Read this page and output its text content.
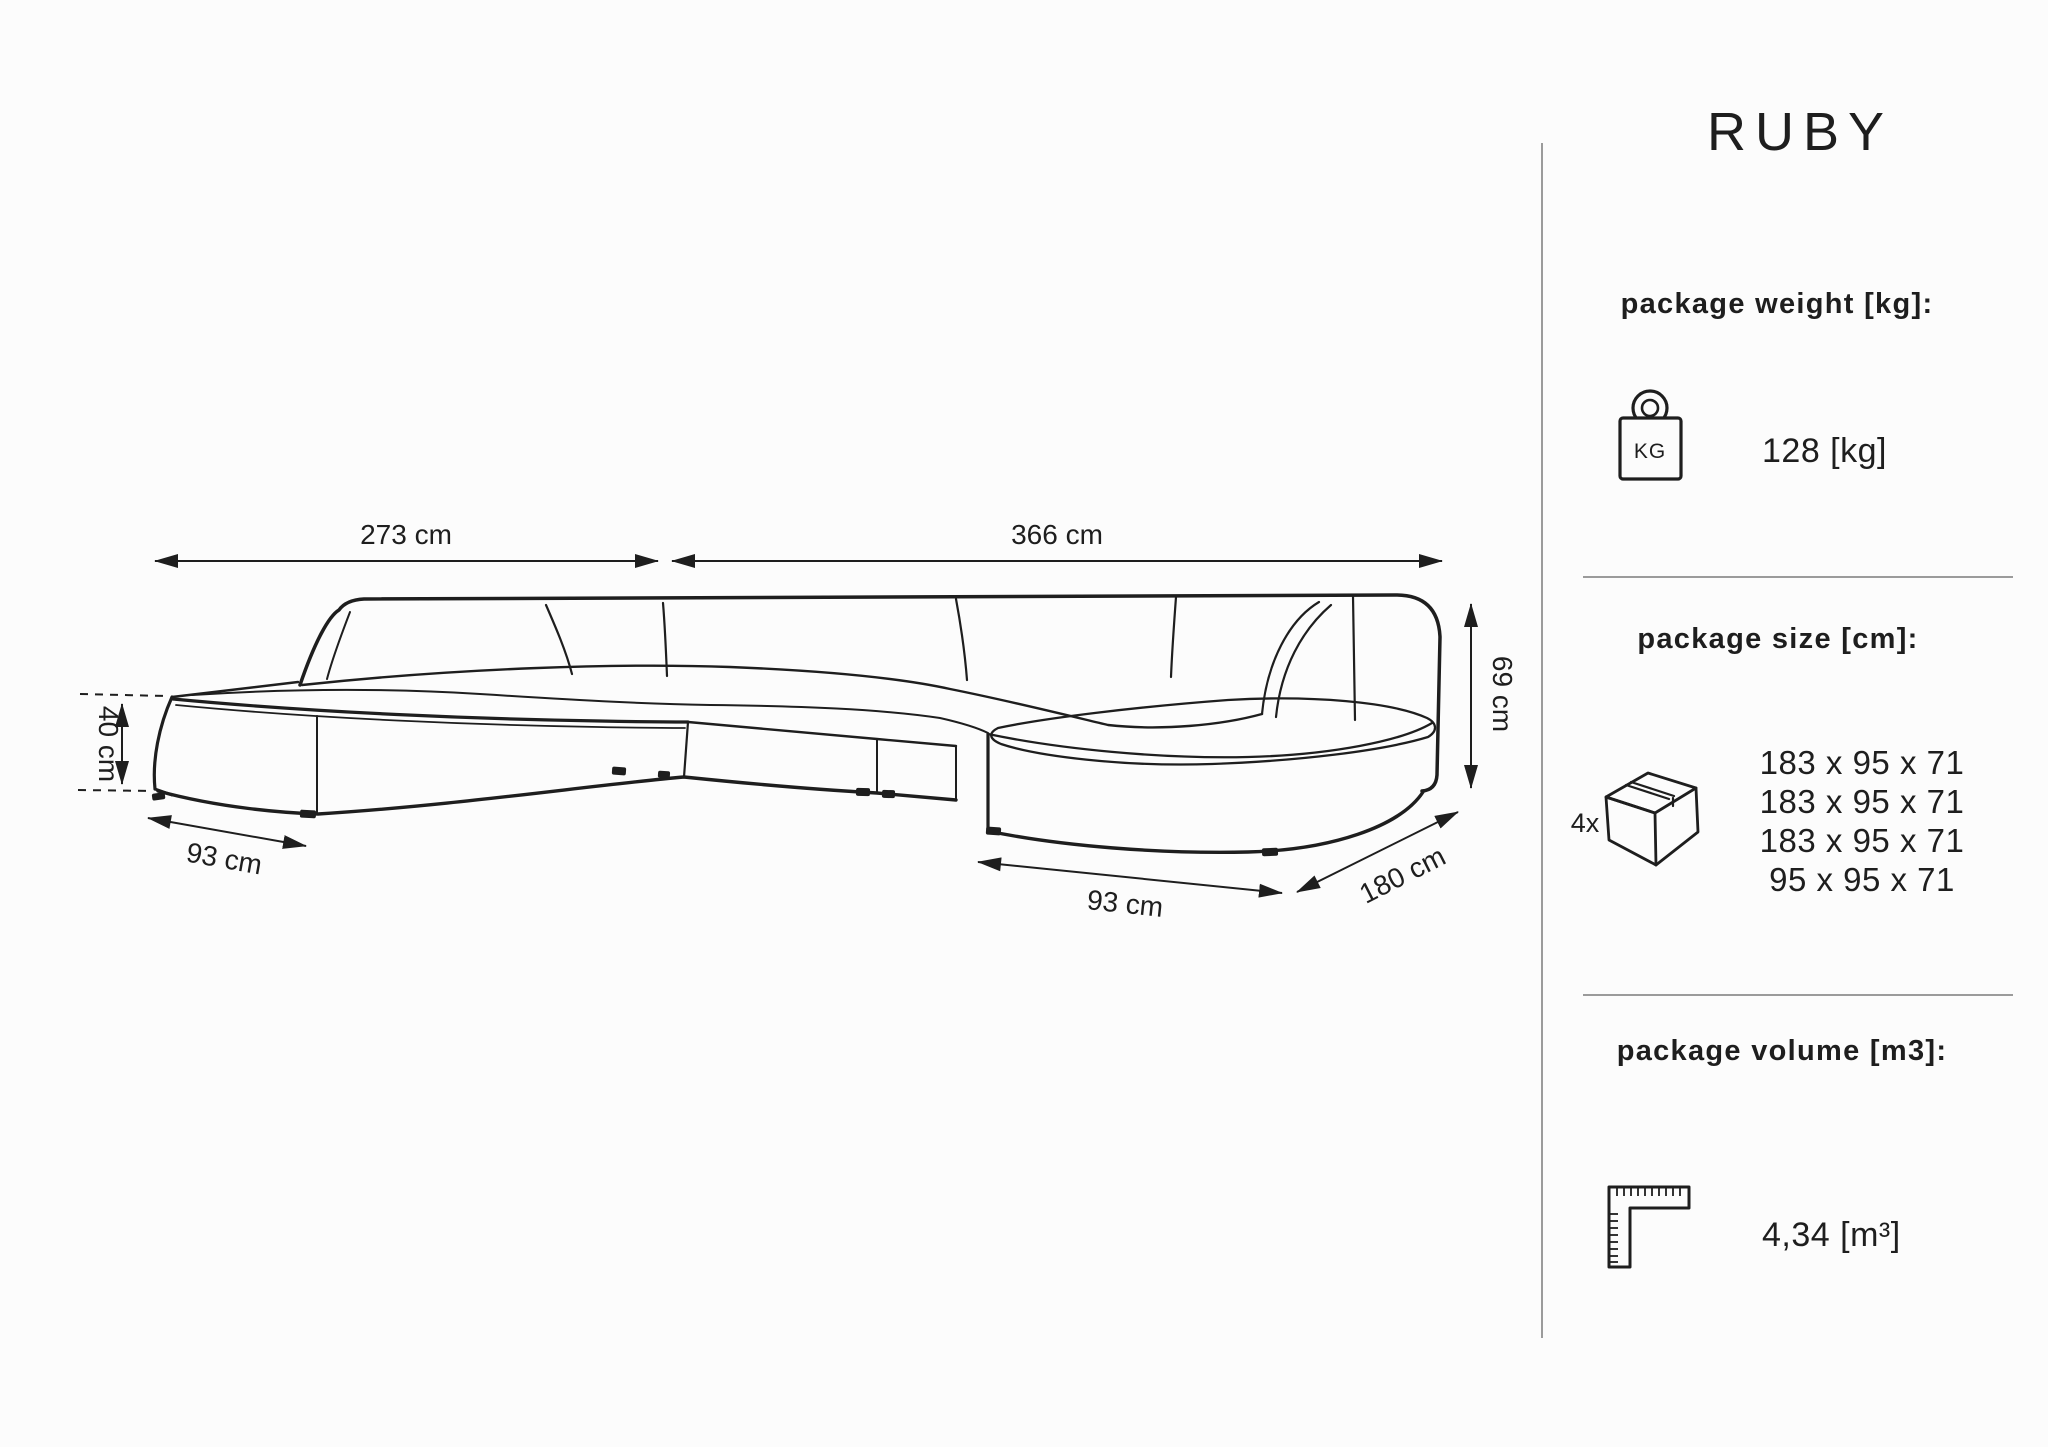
273 cm	366 cm
69 cm
40 cm
93 cm
93 cm	180 cm
RUBY
package weight [kg]:
KG	128 [kg]
package size [cm]:
4x
183 x 95 x 71
183 x 95 x 71
183 x 95 x 71
95 x 95 x 71
package volume [m3]:
4,34 [m³]
